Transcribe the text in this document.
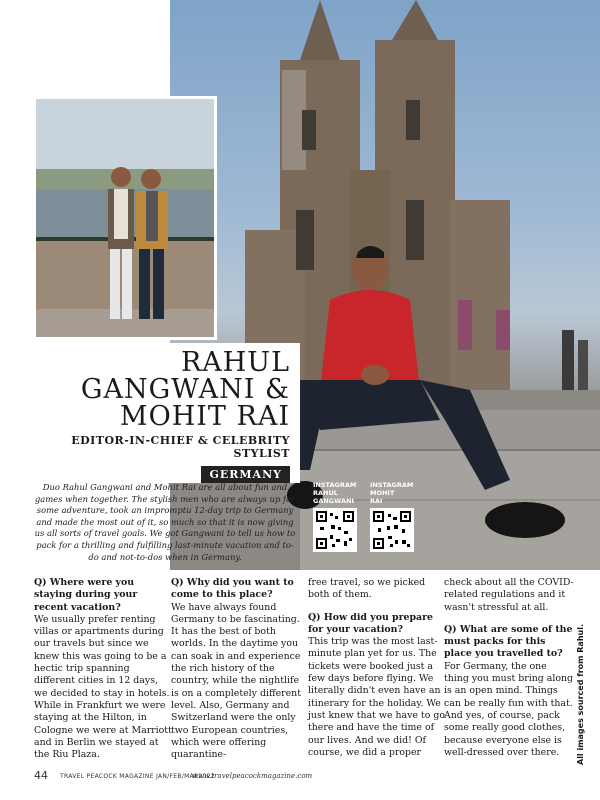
RAHUL
GANGWANI &
MOHIT RAI
EDITOR-IN-CHIEF & CELEBRITY STYLIST
GERMANY

Duo Rahul Gangwani and Mohit Rai are all about fun and games when together. The stylish men who are always up for some adventure, took an impromptu 12-day trip to Germany and made the most out of it, so much so that it is now giving us all sorts of travel goals. We got Gangwani to tell us how to pack for a thrilling and fulfilling last-minute vacation and to-do and not-to-dos when in Germany.

INSTAGRAM
RAHUL
GANGWANI
INSTAGRAM
MOHIT
RAI

Q) Where were you staying during your recent vacation?

We usually prefer renting villas or apartments during our travels but since we knew this was going to be a hectic trip spanning different cities in 12 days, we decided to stay in hotels. While in Frankfurt we were staying at the Hilton, in Cologne we were at Marriott and in Berlin we stayed at the Riu Plaza.

Q) Why did you want to come to this place?

We have always found Germany to be fascinating. It has the best of both worlds. In the daytime you can soak in and experience the rich history of the country, while the nightlife is on a completely different level. Also, Germany and Switzerland were the only two European countries, which were offering quarantine-

free travel, so we picked both of them.

Q) How did you prepare for your vacation?

This trip was the most last-minute plan yet for us. The tickets were booked just a few days before flying. We literally didn't even have an itinerary for the holiday. We just knew that we have to go there and have the time of our lives. And we did! Of course, we did a proper

check about all the COVID-related regulations and it wasn't stressful at all.

Q) What are some of the must packs for this place you travelled to?

For Germany, the one thing you must bring along is an open mind. Things can be really fun with that. And yes, of course, pack some really good clothes, because everyone else is well-dressed over there.	All images sourced from Rahul.
44 TRAVEL PEACOCK MAGAZINE JAN/FEB/MAR2022
www.travelpeacockmagazine.com
